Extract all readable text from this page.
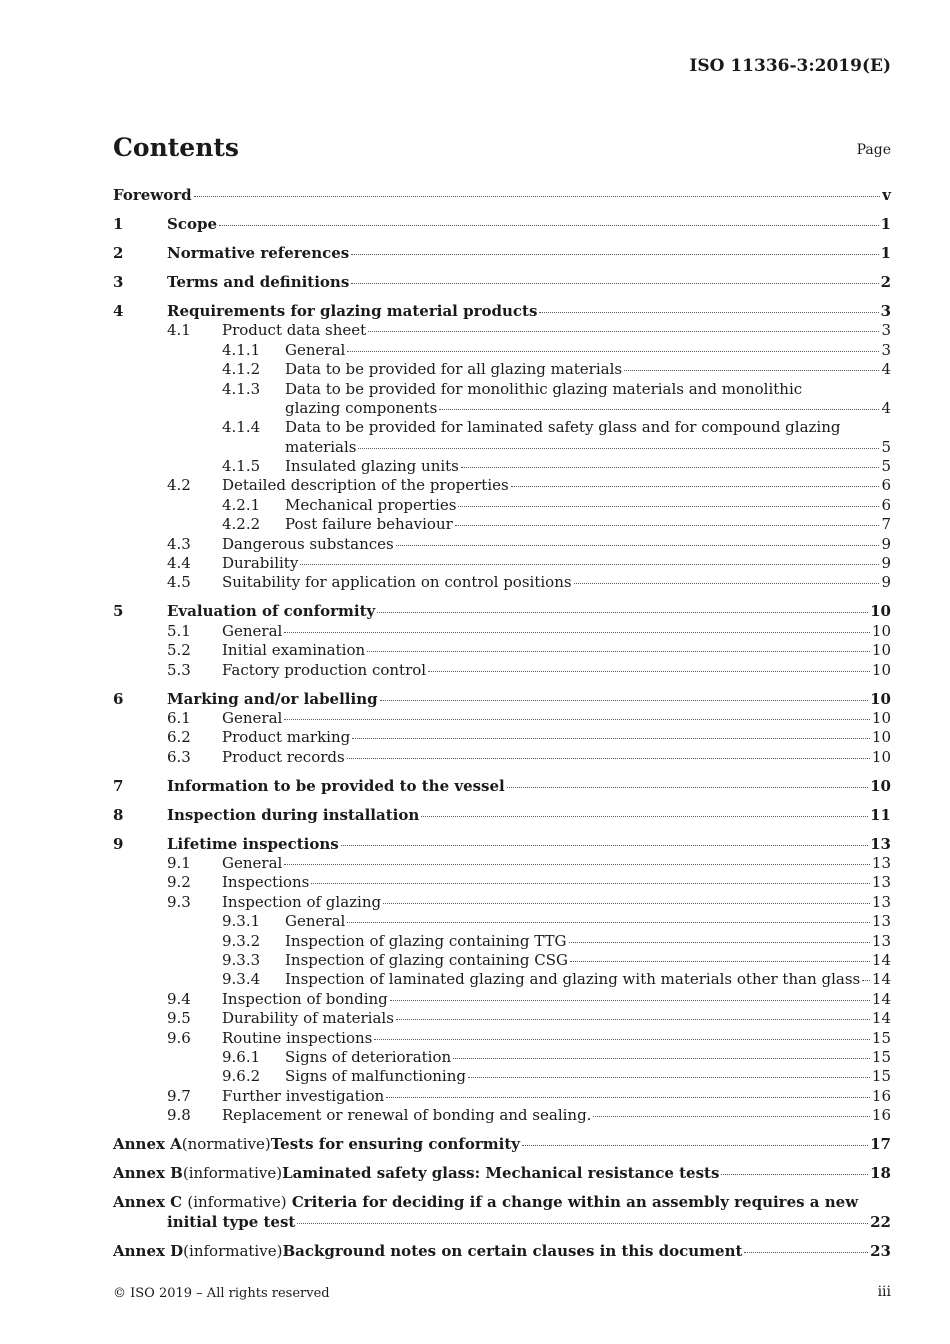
ISO 11336-3:2019(E)
Contents	Page
Foreword	v
1	Scope	1
2	Normative references	1
3	Terms and definitions	2
4	Requirements for glazing material products	3
4.1 Product data sheet	3
4.1.1 General	3
4.1.2 Data to be provided for all glazing materials	4
4.1.3 Data to be provided for monolithic glazing materials and monolithic
glazing components	4
4.1.4 Data to be provided for laminated safety glass and for compound glazing
materials	5
4.1.5 Insulated glazing units	5
4.2 Detailed description of the properties	6
4.2.1 Mechanical properties	6
4.2.2 Post failure behaviour	7
4.3 Dangerous substances	9
4.4 Durability	9
4.5 Suitability for application on control positions	9
5	Evaluation of conformity	10
5.1 General	10
5.2 Initial examination	10
5.3 Factory production control	10
6	Marking and/or labelling	10
6.1 General	10
6.2 Product marking	10
6.3 Product records	10
7	Information to be provided to the vessel	10
8	Inspection during installation	11
9	Lifetime inspections	13
9.1 General	13
9.2 Inspections	13
9.3 Inspection of glazing	13
9.3.1 General	13
9.3.2 Inspection of glazing containing TTG	13
9.3.3 Inspection of glazing containing CSG	14
9.3.4 Inspection of laminated glazing and glazing with materials other than glass 14
9.4 Inspection of bonding	14
9.5 Durability of materials	14
9.6 Routine inspections	15
9.6.1 Signs of deterioration	15
9.6.2 Signs of malfunctioning	15
9.7 Further investigation	16
9.8 Replacement or renewal of bonding and sealing.	16
Annex A (normative) Tests for ensuring conformity	17
Annex B (informative) Laminated safety glass: Mechanical resistance tests	18
Annex C (informative) Criteria for deciding if a change within an assembly requires a new
initial type test	22
Annex D (informative) Background notes on certain clauses in this document	23
© ISO 2019 – All rights reserved	iii
